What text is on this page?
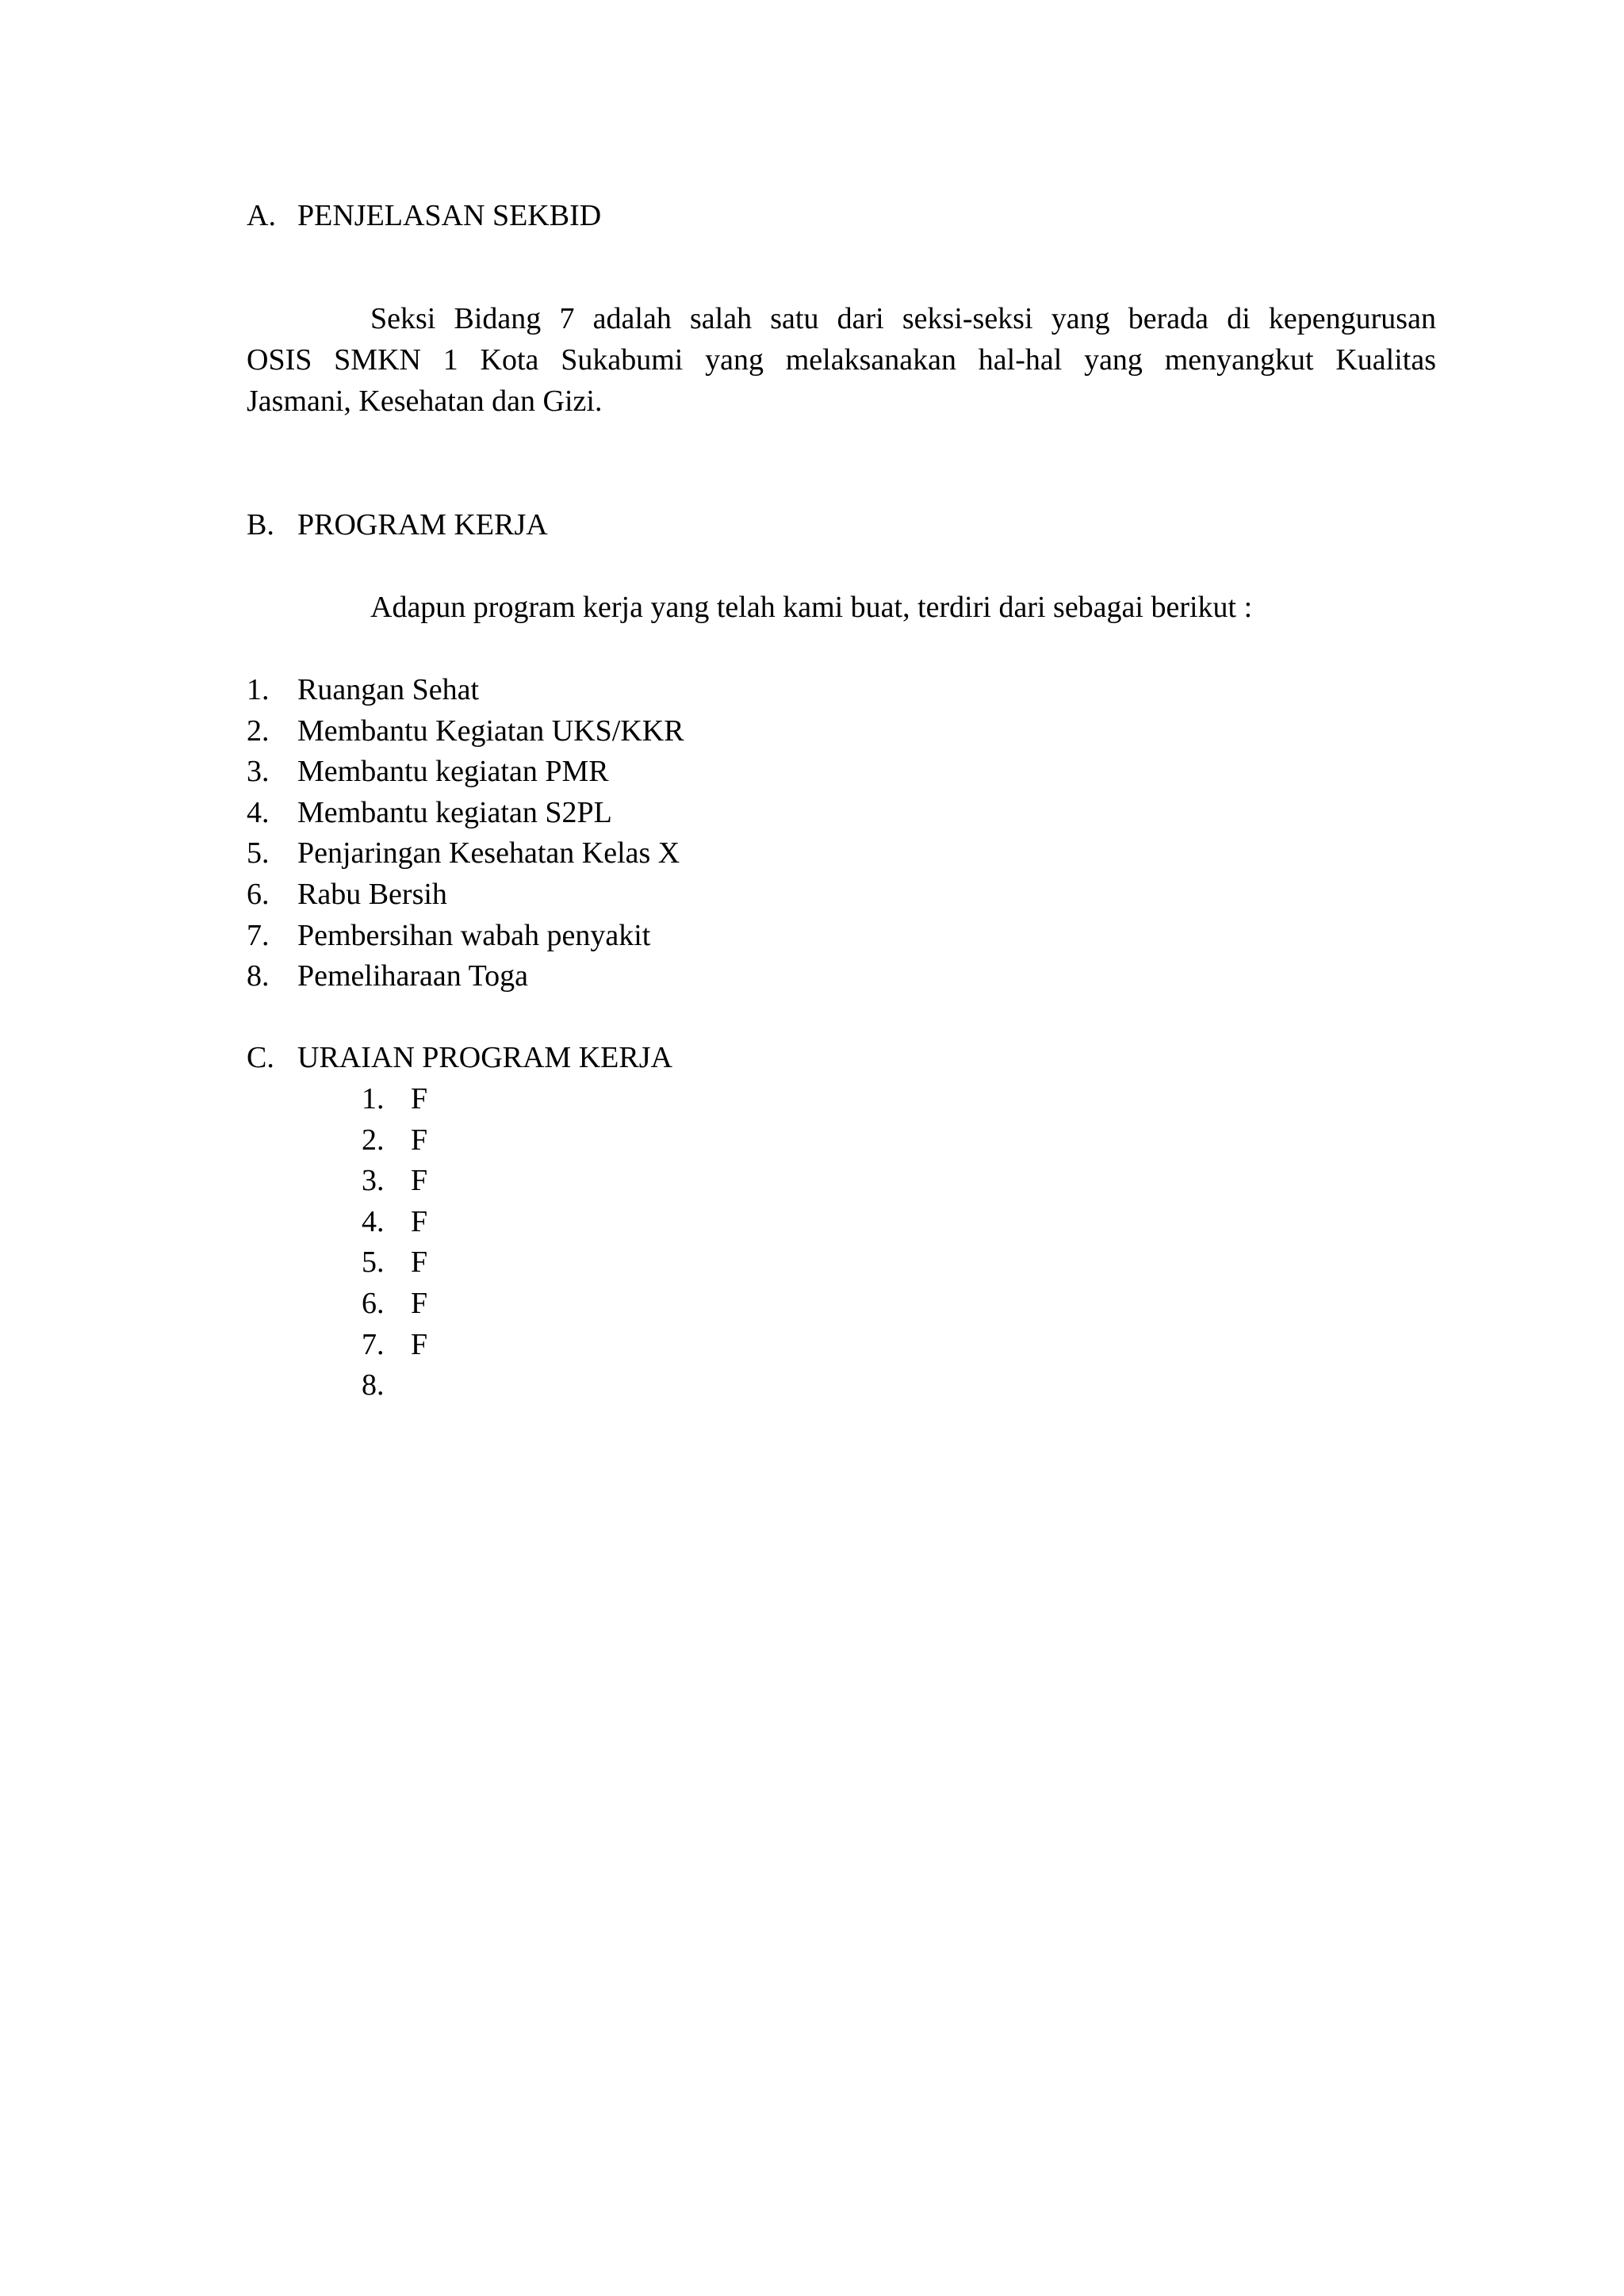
A. PENJELASAN SEKBID
Seksi Bidang 7 adalah salah satu dari seksi-seksi yang berada di kepengurusan
OSIS SMKN 1 Kota Sukabumi yang melaksanakan hal-hal yang menyangkut Kualitas
Jasmani, Kesehatan dan Gizi.
B. PROGRAM KERJA
Adapun program kerja yang telah kami buat, terdiri dari sebagai berikut :
1. Ruangan Sehat
2. Membantu Kegiatan UKS/KKR
3. Membantu kegiatan PMR
4. Membantu kegiatan S2PL
5. Penjaringan Kesehatan Kelas X
6. Rabu Bersih
7. Pembersihan wabah penyakit
8. Pemeliharaan Toga
C. URAIAN PROGRAM KERJA
1. F
2. F
3. F
4. F
5. F
6. F
7. F
8.
